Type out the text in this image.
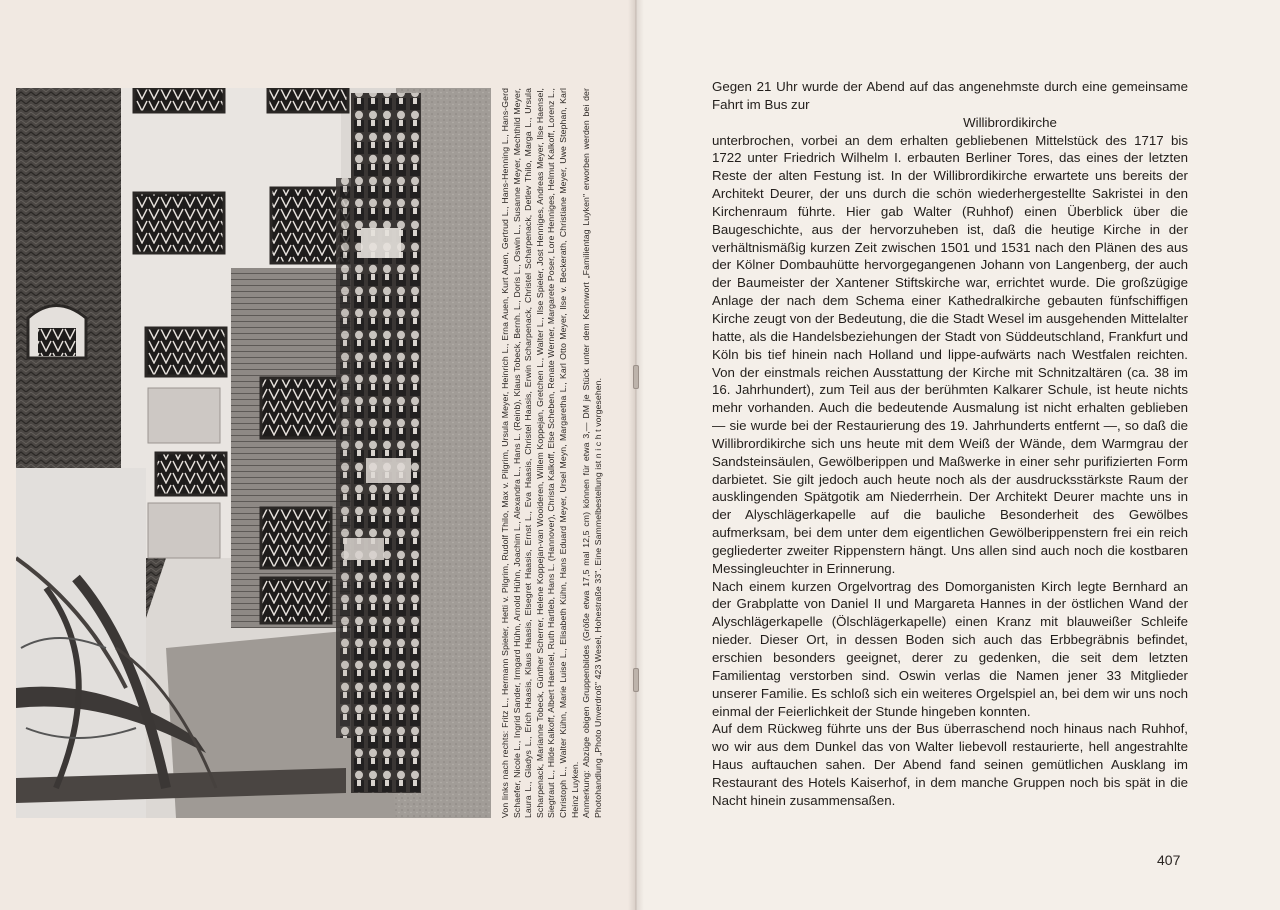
Von links nach rechts: Fritz L., Hermann Spieler, Hetti v. Pilgrim, Rudolf Thilo, Max v. Pilgrim, Ursula Meyer, Heinrich L., Erna Auen, Kurt Auen, Gertrud L., Hans-Henning L., Hans-Gerd Schaefer, Nicole L., Ingrid Sander, Irmgard Hühn, Arnold Hühn, Joachim L., Alexandra L., Hans L. (Reinb), Klaus Tobeck, Bernh. L., Doris L., Oswin L., Susanne Meyer, Mechthild Meyer, Laura L., Gladys L., Erich Haasis, Klaus Haasis, Elsegret Haasis, Ernst L., Eva Haasis, Christel Haasis, Erwin Scharpenack, Christel Scharpenack, Detlev Thilo, Marga L., Ursula Scharpenack, Marianne Tobeck, Günther Scherrer, Helene Koppejan-van Wooideren, Willem Koppejan, Gretchen L., Walter L., Ilse Spieler, Jost Henniges, Andreas Meyer, Ilse Haensel, Siegtraut L., Hilde Kalkoff, Albert Haensel, Ruth Hartleb, Hans L. (Hannover), Christa Kalkoff, Else Scheben, Renate Werner, Margarete Poser, Lore Henniges, Helmut Kalkoff, Lorenz L., Christoph L., Walter Kühn, Marie Luise L., Elisabeth Kühn, Hans Eduard Meyer, Ursel Meyn, Margaretha L., Karl Otto Meyer, Ilse v. Beckerath, Christiane Meyer, Uwe Stephan, Karl Heinz Luyken. Anmerkung: Abzüge obigen Gruppenbildes (Größe etwa 17,5 mal 12,5 cm) können für etwa 3,— DM je Stück unter dem Kennwort „Familientag Luyken" erworben werden bei der Photohandlung „Photo Unverdroß" 423 Wesel, Hohestraße 33". Eine Sammelbestellung ist n i c h t vorgesehen.

Gegen 21 Uhr wurde der Abend auf das angenehmste durch eine gemeinsame Fahrt im Bus zur

Willibrordikirche

unterbrochen, vorbei an dem erhalten gebliebenen Mittelstück des 1717 bis 1722 unter Friedrich Wilhelm I. erbauten Berliner Tores, das eines der letzten Reste der alten Festung ist. In der Willibrordikirche erwartete uns bereits der Architekt Deurer, der uns durch die schön wiederhergestellte Sakristei in den Kirchenraum führte. Hier gab Walter (Ruhhof) einen Überblick über die Baugeschichte, aus der hervorzuheben ist, daß die heutige Kirche in der verhältnismäßig kurzen Zeit zwischen 1501 und 1531 nach den Plänen des aus der Kölner Dombauhütte hervorgegangenen Johann von Langenberg, der auch der Baumeister der Xantener Stiftskirche war, errichtet wurde. Die großzügige Anlage der nach dem Schema einer Kathedralkirche gebauten fünfschiffigen Kirche zeugt von der Bedeutung, die die Stadt Wesel im ausgehenden Mittelalter hatte, als die Handelsbeziehungen der Stadt von Süddeutschland, Frankfurt und Köln bis tief hinein nach Holland und lippe-aufwärts nach Westfalen reichten. Von der einstmals reichen Ausstattung der Kirche mit Schnitzaltären (ca. 38 im 16. Jahrhundert), zum Teil aus der berühmten Kalkarer Schule, ist heute nichts mehr vorhanden. Auch die bedeutende Ausmalung ist nicht erhalten geblieben — sie wurde bei der Restaurierung des 19. Jahrhunderts entfernt —, so daß die Willibrordikirche sich uns heute mit dem Weiß der Wände, dem Warmgrau der Sandsteinsäulen, Gewölberippen und Maßwerke in einer sehr purifizierten Form darbietet. Sie gilt jedoch auch heute noch als der ausdrucksstärkste Raum der ausklingenden Spätgotik am Niederrhein. Der Architekt Deurer machte uns in der Alyschlägerkapelle auf die bauliche Besonderheit des Gewölbes aufmerksam, bei dem unter dem eigentlichen Gewölberippenstern frei ein reich gegliederter zweiter Rippenstern hängt. Uns allen sind auch noch die kostbaren Messingleuchter in Erinnerung.

Nach einem kurzen Orgelvortrag des Domorganisten Kirch legte Bernhard an der Grabplatte von Daniel II und Margareta Hannes in der östlichen Wand der Alyschlägerkapelle (Ölschlägerkapelle) einen Kranz mit blauweißer Schleife nieder. Dieser Ort, in dessen Boden sich auch das Erbbegräbnis befindet, erschien besonders geeignet, derer zu gedenken, die seit dem letzten Familientag verstorben sind. Oswin verlas die Namen jener 33 Mitglieder unserer Familie. Es schloß sich ein weiteres Orgelspiel an, bei dem wir uns noch einmal der Feierlichkeit der Stunde hingeben konnten.

Auf dem Rückweg führte uns der Bus überraschend noch hinaus nach Ruhhof, wo wir aus dem Dunkel das von Walter liebevoll restaurierte, hell angestrahlte Haus auftauchen sahen. Der Abend fand seinen gemütlichen Ausklang im Restaurant des Hotels Kaiserhof, in dem manche Gruppen noch bis spät in die Nacht hinein zusammensaßen.

407
